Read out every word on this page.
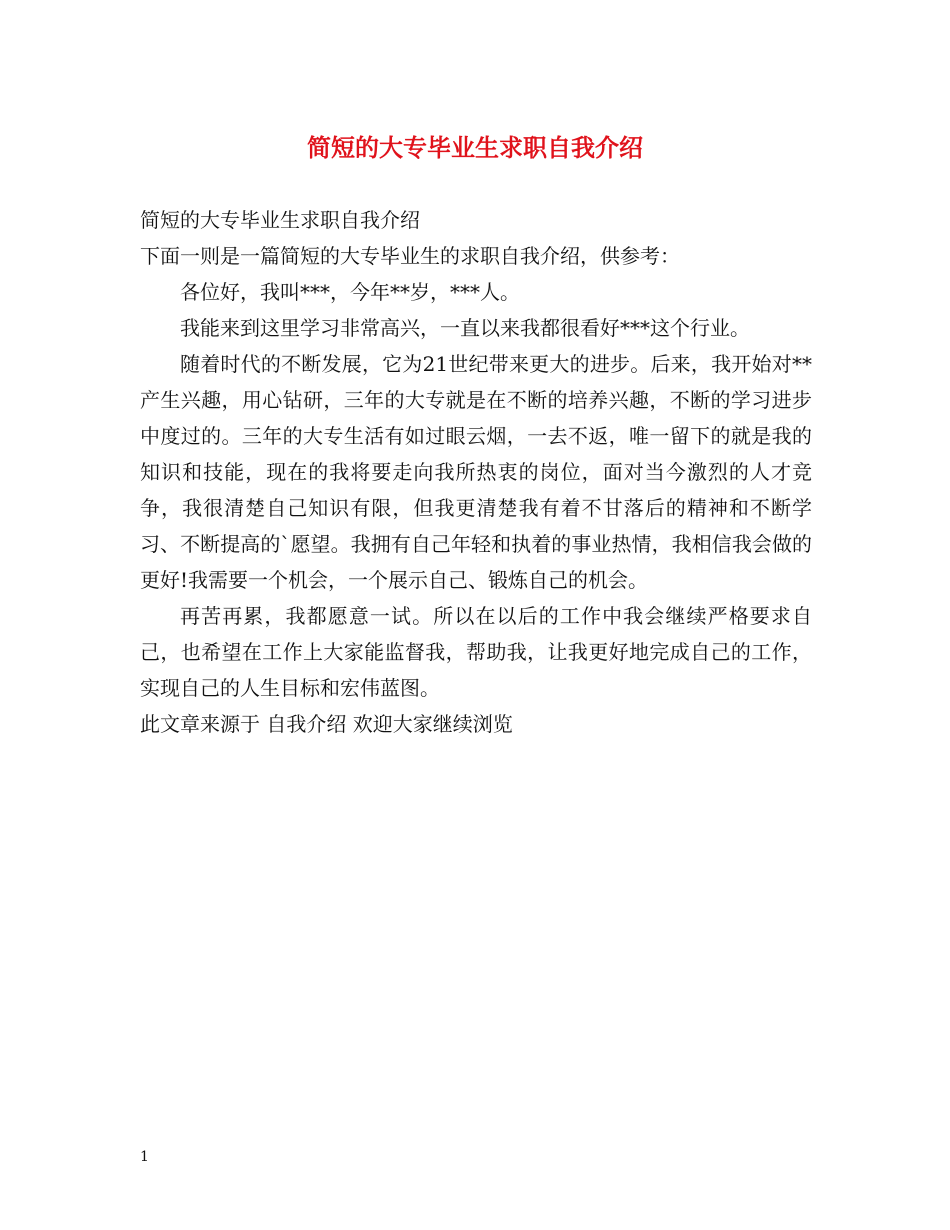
简短的大专毕业生求职自我介绍

简短的大专毕业生求职自我介绍

下面一则是一篇简短的大专毕业生的求职自我介绍，供参考：

各位好，我叫***，今年**岁，***人。

我能来到这里学习非常高兴，一直以来我都很看好***这个行业。

随着时代的不断发展，它为21世纪带来更大的进步。后来，我开始对**产生兴趣，用心钻研，三年的大专就是在不断的培养兴趣，不断的学习进步中度过的。三年的大专生活有如过眼云烟，一去不返，唯一留下的就是我的知识和技能，现在的我将要走向我所热衷的岗位，面对当今激烈的人才竞争，我很清楚自己知识有限，但我更清楚我有着不甘落后的精神和不断学习、不断提高的`愿望。我拥有自己年轻和执着的事业热情，我相信我会做的更好!我需要一个机会，一个展示自己、锻炼自己的机会。

再苦再累，我都愿意一试。所以在以后的工作中我会继续严格要求自己，也希望在工作上大家能监督我，帮助我，让我更好地完成自己的工作，实现自己的人生目标和宏伟蓝图。

此文章来源于 自我介绍 欢迎大家继续浏览

1
